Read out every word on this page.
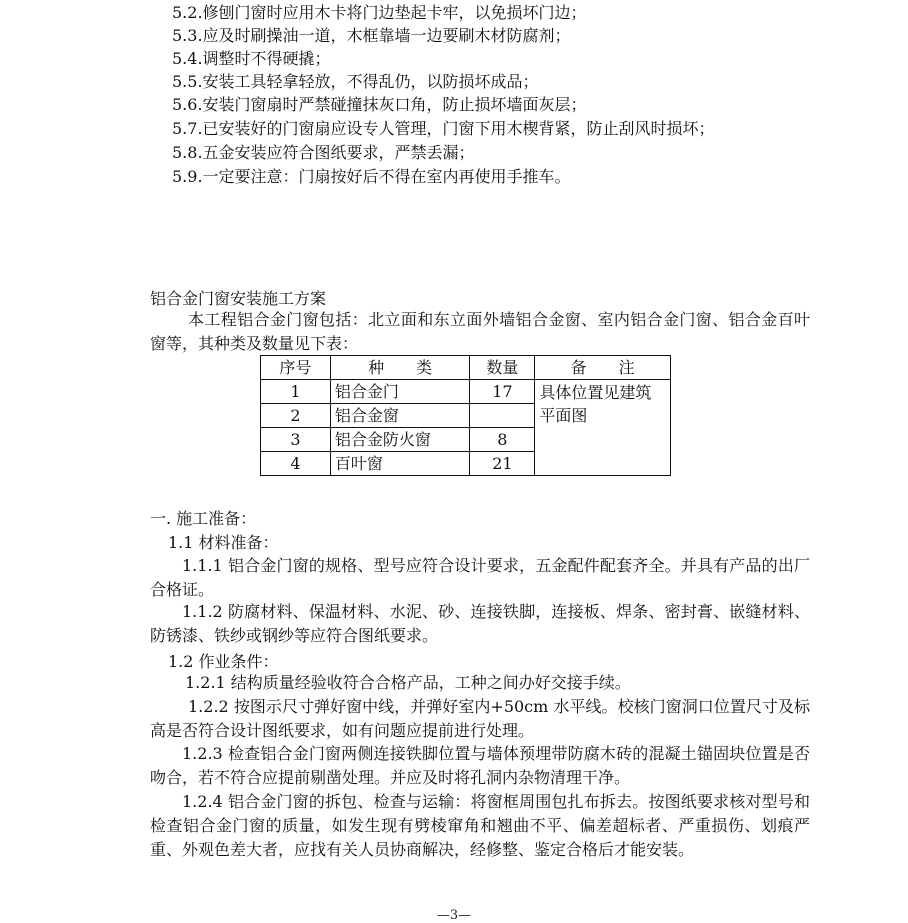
5.2.修刨门窗时应用木卡将门边垫起卡牢，以免损坏门边；
5.3.应及时刷操油一道，木框靠墙一边要刷木材防腐剂；
5.4.调整时不得硬撬；
5.5.安装工具轻拿轻放，不得乱仍，以防损坏成品；
5.6.安装门窗扇时严禁碰撞抹灰口角，防止损坏墙面灰层；
5.7.已安装好的门窗扇应设专人管理，门窗下用木楔背紧，防止刮风时损坏；
5.8.五金安装应符合图纸要求，严禁丢漏；
5.9.一定要注意：门扇按好后不得在室内再使用手推车。
铝合金门窗安装施工方案
本工程铝合金门窗包括：北立面和东立面外墙铝合金窗、室内铝合金门窗、铝合金百叶窗等，其种类及数量见下表：
序号	种　　类	数量	备　　注
1	铝合金门	17	具体位置见建筑平面图
2	铝合金窗		
3	铝合金防火窗	8	
4	百叶窗	21	
一. 施工准备：
1.1 材料准备：
1.1.1 铝合金门窗的规格、型号应符合设计要求，五金配件配套齐全。并具有产品的出厂合格证。
1.1.2 防腐材料、保温材料、水泥、砂、连接铁脚，连接板、焊条、密封膏、嵌缝材料、防锈漆、铁纱或钢纱等应符合图纸要求。
1.2 作业条件：
1.2.1 结构质量经验收符合合格产品，工种之间办好交接手续。
1.2.2 按图示尺寸弹好窗中线，并弹好室内+50cm 水平线。校核门窗洞口位置尺寸及标高是否符合设计图纸要求，如有问题应提前进行处理。
1.2.3 检查铝合金门窗两侧连接铁脚位置与墙体预埋带防腐木砖的混凝土锚固块位置是否吻合，若不符合应提前剔凿处理。并应及时将孔洞内杂物清理干净。
1.2.4 铝合金门窗的拆包、检查与运输：将窗框周围包扎布拆去。按图纸要求核对型号和检查铝合金门窗的质量，如发生现有劈棱窜角和翘曲不平、偏差超标者、严重损伤、划痕严重、外观色差大者，应找有关人员协商解决，经修整、鉴定合格后才能安装。
—3—
